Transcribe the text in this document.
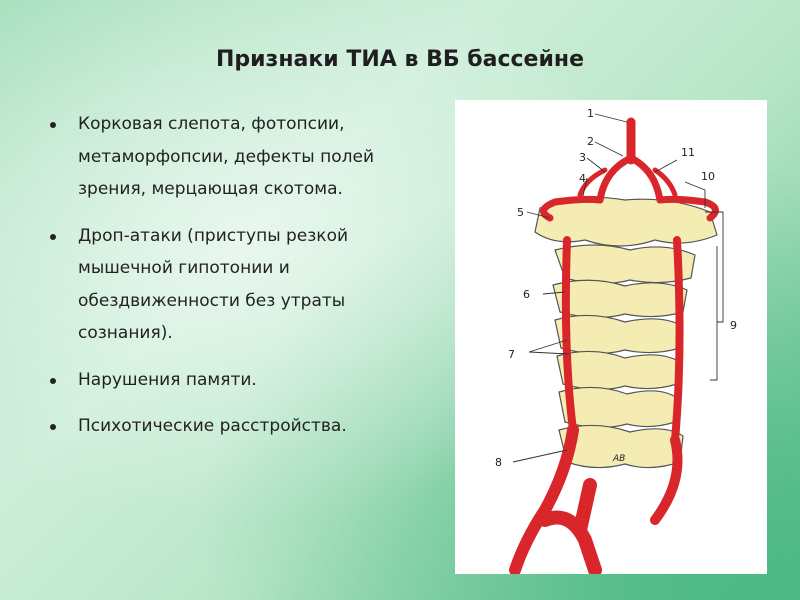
Признаки ТИА в ВБ бассейне
Корковая слепота, фотопсии, метаморфопсии, дефекты полей зрения, мерцающая скотома.
Дроп-атаки (приступы резкой мышечной гипотонии и обездвиженности без утраты сознания).
Нарушения памяти.
Психотические расстройства.
1
2
3
4
5
6
7
8
9
10
11
АВ
